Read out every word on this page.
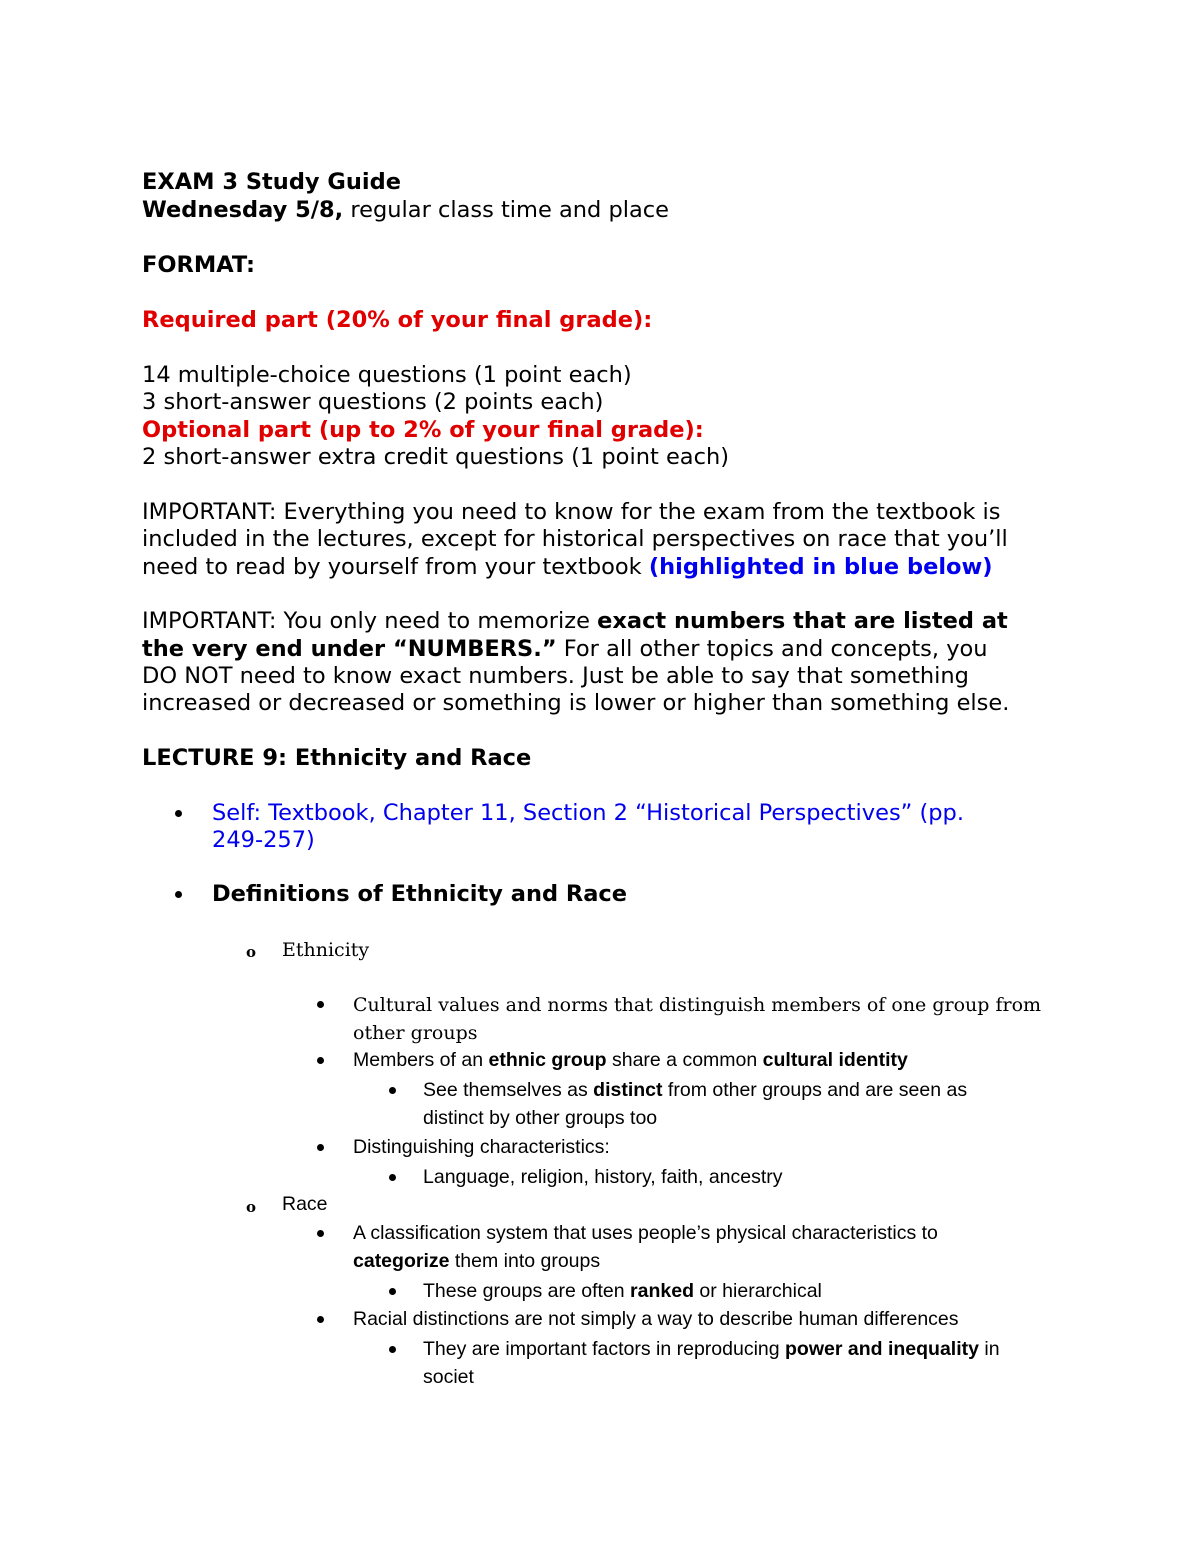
EXAM 3 Study Guide
Wednesday 5/8, regular class time and place
FORMAT:
Required part (20% of your final grade):
14 multiple-choice questions (1 point each)
3 short-answer questions (2 points each)
Optional part (up to 2% of your final grade):
2 short-answer extra credit questions (1 point each)
IMPORTANT: Everything you need to know for the exam from the textbook is
included in the lectures, except for historical perspectives on race that you’ll
need to read by yourself from your textbook (highlighted in blue below)
IMPORTANT: You only need to memorize exact numbers that are listed at
the very end under “NUMBERS.” For all other topics and concepts, you
DO NOT need to know exact numbers. Just be able to say that something
increased or decreased or something is lower or higher than something else.
LECTURE 9: Ethnicity and Race
Self: Textbook, Chapter 11, Section 2 “Historical Perspectives” (pp.
249-257)
Definitions of Ethnicity and Race
o Ethnicity
Cultural values and norms that distinguish members of one group from
other groups
Members of an ethnic group share a common cultural identity
See themselves as distinct from other groups and are seen as
distinct by other groups too
Distinguishing characteristics:
Language, religion, history, faith, ancestry
o Race
A classification system that uses people’s physical characteristics to
categorize them into groups
These groups are often ranked or hierarchical
Racial distinctions are not simply a way to describe human differences
They are important factors in reproducing power and inequality in
societ
